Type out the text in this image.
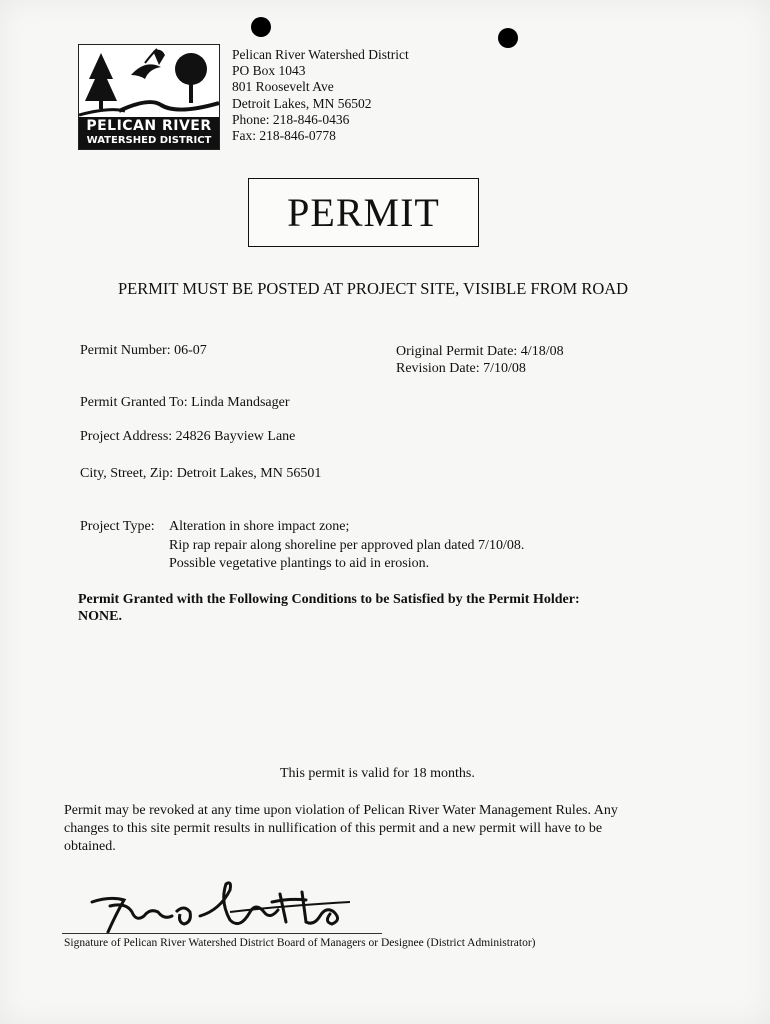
PELICAN RIVER
WATERSHED DISTRICT
Pelican River Watershed District
PO Box 1043
801 Roosevelt Ave
Detroit Lakes, MN 56502
Phone: 218-846-0436
Fax: 218-846-0778
PERMIT
PERMIT MUST BE POSTED AT PROJECT SITE, VISIBLE FROM ROAD
Permit Number: 06-07	Original Permit Date: 4/18/08
Revision Date: 7/10/08
Permit Granted To: Linda Mandsager
Project Address: 24826 Bayview Lane
City, Street, Zip: Detroit Lakes, MN 56501
Project Type: Alteration in shore impact zone;
Rip rap repair along shoreline per approved plan dated 7/10/08.
Possible vegetative plantings to aid in erosion.
Permit Granted with the Following Conditions to be Satisfied by the Permit Holder:
NONE.
This permit is valid for 18 months.
Permit may be revoked at any time upon violation of Pelican River Water Management Rules. Any
changes to this site permit results in nullification of this permit and a new permit will have to be
obtained.
Signature of Pelican River Watershed District Board of Managers or Designee (District Administrator)
